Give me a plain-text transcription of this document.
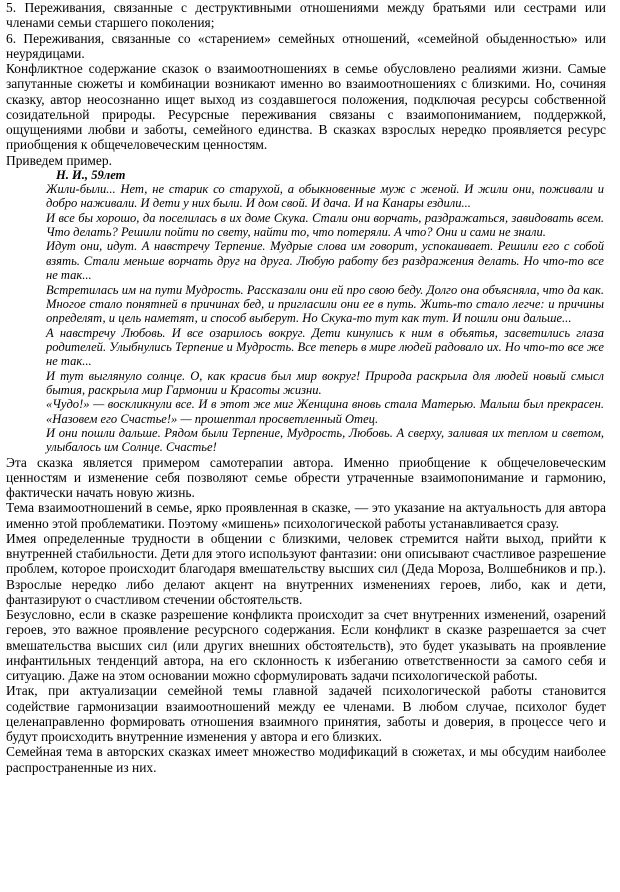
5. Переживания, связанные с деструктивными отношениями между братьями или сестрами или членами семьи старшего поколения;

6. Переживания, связанные со «старением» семейных отношений, «семейной обыденностью» или неурядицами.

Конфликтное содержание сказок о взаимоотношениях в семье обусловлено реалиями жизни. Самые запутанные сюжеты и комбинации возникают именно во взаимоотношениях с близкими. Но, сочиняя сказку, автор неосознанно ищет выход из создавшегося положения, подключая ресурсы собственной созидательной природы. Ресурсные переживания связаны с взаимопониманием, поддержкой, ощущениями любви и заботы, семейного единства. В сказках взрослых нередко проявляется ресурс приобщения к общечеловеческим ценностям.

Приведем пример.

Н. И., 59лет

Жили-были... Нет, не старик со старухой, а обыкновенные муж с женой. И жили они, поживали и добро наживали. И дети у них были. И дом свой. И дача. И на Канары ездили...

И все бы хорошо, да поселилась в их доме Скука. Стали они ворчать, раздражаться, завидовать всем. Что делать? Решили пойти по свету, найти то, что потеряли. А что? Они и сами не знали.

Идут они, идут. А навстречу Терпение. Мудрые слова им говорит, успокаивает. Решили его с собой взять. Стали меньше ворчать друг на друга. Любую работу без раздражения делать. Но что-то все не так...

Встретилась им на пути Мудрость. Рассказали они ей про свою беду. Долго она объясняла, что да как. Многое стало понятней в причинах бед, и пригласили они ее в путь. Жить-то стало легче: и причины определят, и цель наметят, и способ выберут. Но Скука-то тут как тут. И пошли они дальше...

А навстречу Любовь. И все озарилось вокруг. Дети кинулись к ним в объятья, засветились глаза родителей. Улыбнулись Терпение и Мудрость. Все теперь в мире людей радовало их. Но что-то все же не так...

И тут выглянуло солнце. О, как красив был мир вокруг! Природа раскрыла для людей новый смысл бытия, раскрыла мир Гармонии и Красоты жизни.

«Чудо!» — воскликнули все. И в этот же миг Женщина вновь стала Матерью. Малыш был прекрасен. «Назовем его Счастье!» — прошептал просветленный Отец.

И они пошли дальше. Рядом были Терпение, Мудрость, Любовь. А сверху, заливая их теплом и светом, улыбалось им Солнце. Счастье!

Эта сказка является примером самотерапии автора. Именно приобщение к общечеловеческим ценностям и изменение себя позволяют семье обрести утраченные взаимопонимание и гармонию, фактически начать новую жизнь.

Тема взаимоотношений в семье, ярко проявленная в сказке, — это указание на актуальность для автора именно этой проблематики. Поэтому «мишень» психологической работы устанавливается сразу.

Имея определенные трудности в общении с близкими, человек стремится найти выход, прийти к внутренней стабильности. Дети для этого используют фантазии: они описывают счастливое разрешение проблем, которое происходит благодаря вмешательству высших сил (Деда Мороза, Волшебников и пр.). Взрослые нередко либо делают акцент на внутренних изменениях героев, либо, как и дети, фантазируют о счастливом стечении обстоятельств.

Безусловно, если в сказке разрешение конфликта происходит за счет внутренних изменений, озарений героев, это важное проявление ресурсного содержания. Если конфликт в сказке разрешается за счет вмешательства высших сил (или других внешних обстоятельств), это будет указывать на проявление инфантильных тенденций автора, на его склонность к избеганию ответственности за самого себя и ситуацию. Даже на этом основании можно сформулировать задачи психологической работы.

Итак, при актуализации семейной темы главной задачей психологической работы становится содействие гармонизации взаимоотношений между ее членами. В любом случае, психолог будет целенаправленно формировать отношения взаимного принятия, заботы и доверия, в процессе чего и будут происходить внутренние изменения у автора и его близких.

Семейная тема в авторских сказках имеет множество модификаций в сюжетах, и мы обсудим наиболее распространенные из них.
